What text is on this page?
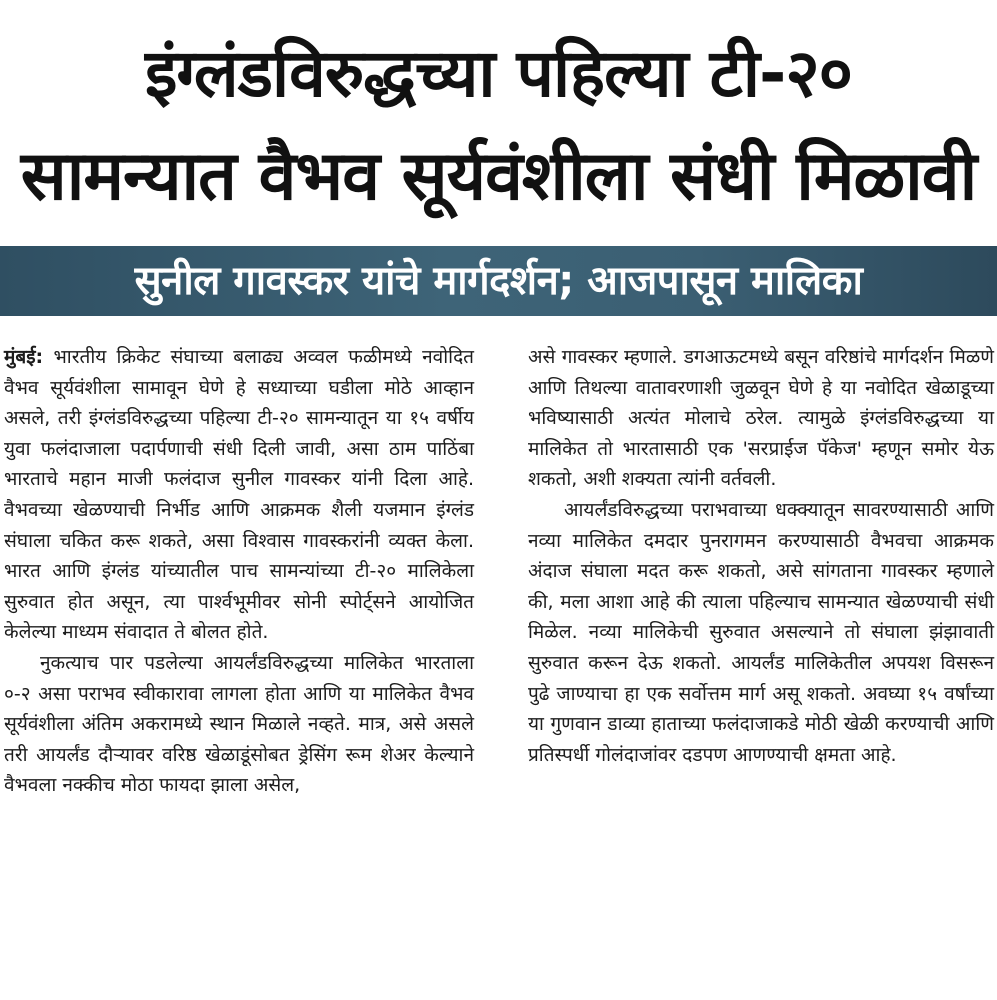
इंग्लंडविरुद्धच्या पहिल्या टी-२०
सामन्यात वैभव सूर्यवंशीला संधी मिळावी
सुनील गावस्कर यांचे मार्गदर्शन; आजपासून मालिका

मुंबई: भारतीय क्रिकेट संघाच्या बलाढ्य अव्वल फळीमध्ये नवोदित वैभव सूर्यवंशीला सामावून घेणे हे सध्याच्या घडीला मोठे आव्हान असले, तरी इंग्लंडविरुद्धच्या पहिल्या टी-२० सामन्यातून या १५ वर्षीय युवा फलंदाजाला पदार्पणाची संधी दिली जावी, असा ठाम पाठिंबा भारताचे महान माजी फलंदाज सुनील गावस्कर यांनी दिला आहे. वैभवच्या खेळण्याची निर्भीड आणि आक्रमक शैली यजमान इंग्लंड संघाला चकित करू शकते, असा विश्वास गावस्करांनी व्यक्त केला. भारत आणि इंग्लंड यांच्यातील पाच सामन्यांच्या टी-२० मालिकेला सुरुवात होत असून, त्या पार्श्वभूमीवर सोनी स्पोर्ट्सने आयोजित केलेल्या माध्यम संवादात ते बोलत होते.

नुकत्याच पार पडलेल्या आयर्लंडविरुद्धच्या मालिकेत भारताला ०-२ असा पराभव स्वीकारावा लागला होता आणि या मालिकेत वैभव सूर्यवंशीला अंतिम अकरामध्ये स्थान मिळाले नव्हते. मात्र, असे असले तरी आयर्लंड दौऱ्यावर वरिष्ठ खेळाडूंसोबत ड्रेसिंग रूम शेअर केल्याने वैभवला नक्कीच मोठा फायदा झाला असेल,

असे गावस्कर म्हणाले. डगआऊटमध्ये बसून वरिष्ठांचे मार्गदर्शन मिळणे आणि तिथल्या वातावरणाशी जुळवून घेणे हे या नवोदित खेळाडूच्या भविष्यासाठी अत्यंत मोलाचे ठरेल. त्यामुळे इंग्लंडविरुद्धच्या या मालिकेत तो भारतासाठी एक 'सरप्राईज पॅकेज' म्हणून समोर येऊ शकतो, अशी शक्यता त्यांनी वर्तवली.

आयर्लंडविरुद्धच्या पराभवाच्या धक्क्यातून सावरण्यासाठी आणि नव्या मालिकेत दमदार पुनरागमन करण्यासाठी वैभवचा आक्रमक अंदाज संघाला मदत करू शकतो, असे सांगताना गावस्कर म्हणाले की, मला आशा आहे की त्याला पहिल्याच सामन्यात खेळण्याची संधी मिळेल. नव्या मालिकेची सुरुवात असल्याने तो संघाला झंझावाती सुरुवात करून देऊ शकतो. आयर्लंड मालिकेतील अपयश विसरून पुढे जाण्याचा हा एक सर्वोत्तम मार्ग असू शकतो. अवघ्या १५ वर्षांच्या या गुणवान डाव्या हाताच्या फलंदाजाकडे मोठी खेळी करण्याची आणि प्रतिस्पर्धी गोलंदाजांवर दडपण आणण्याची क्षमता आहे.
